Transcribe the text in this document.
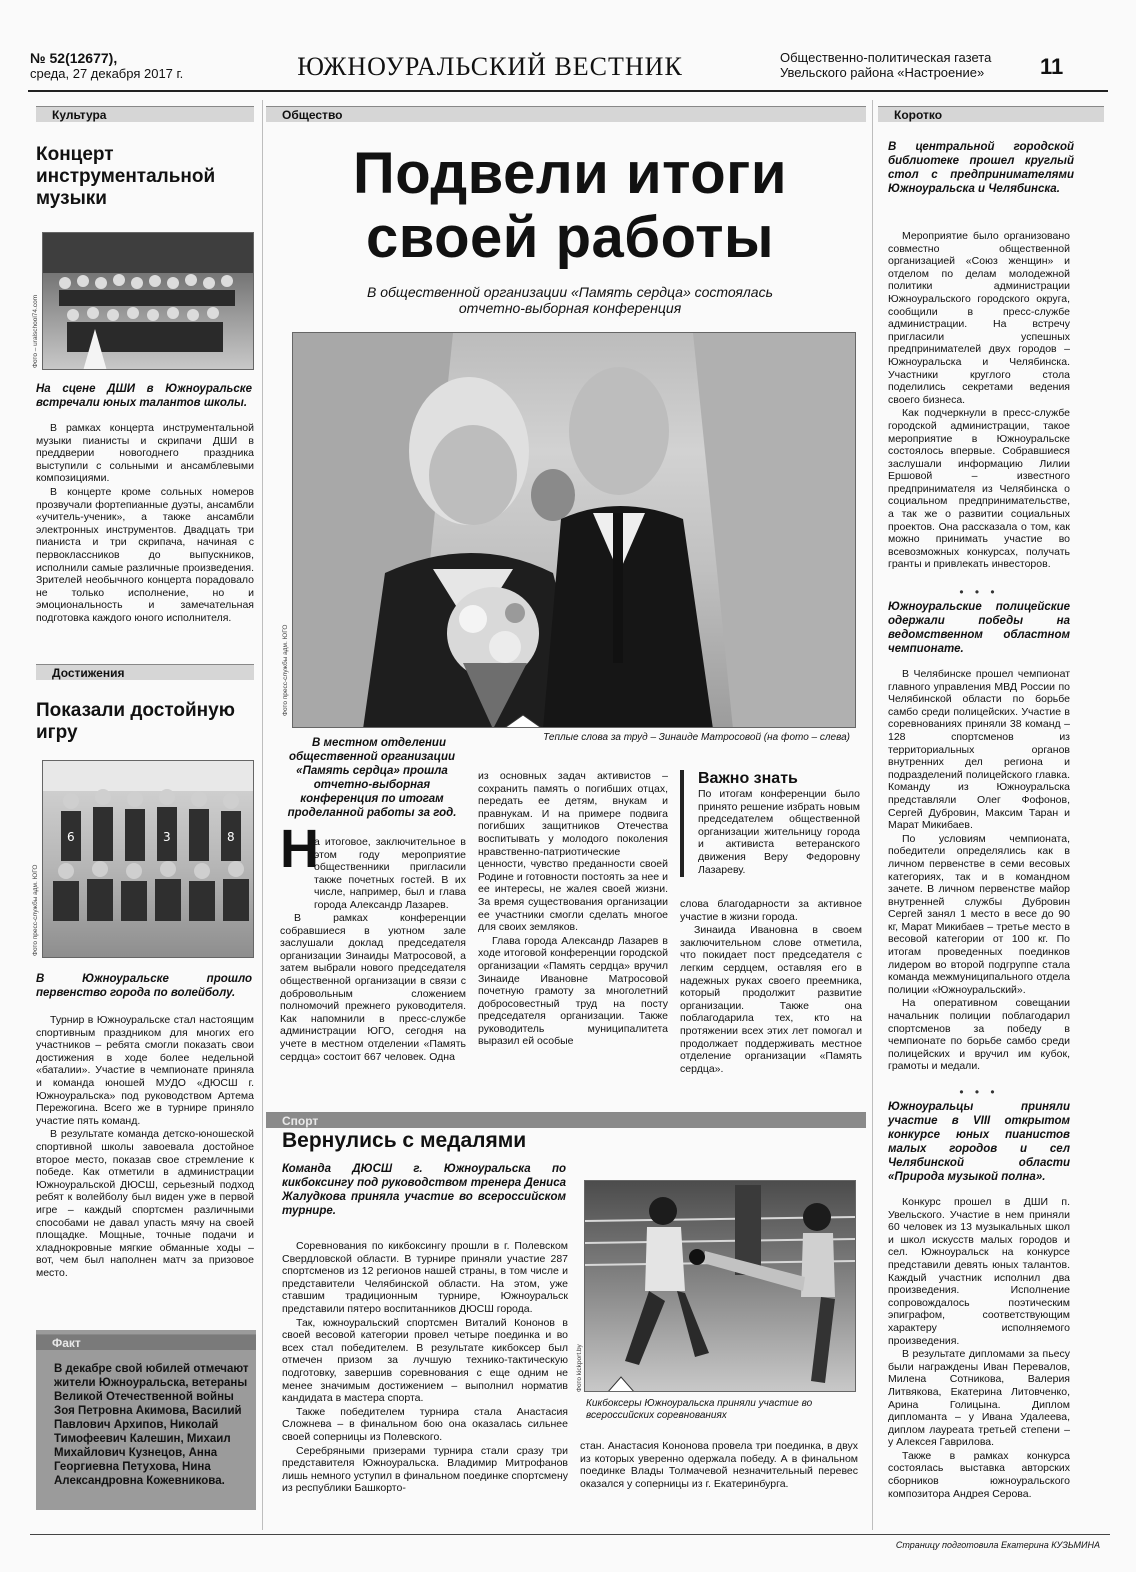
№ 52(12677),
среда, 27 декабря 2017 г.	ЮЖНОУРАЛЬСКИЙ ВЕСТНИК	Общественно-политическая газета
Увельского района «Настроение»	11
Культура
Концерт инструментальной музыки
Фото – uralschool74.com

На сцене ДШИ в Южноуральске встречали юных талантов школы.

В рамках концерта инструментальной музыки пианисты и скрипачи ДШИ в преддверии новогоднего праздника выступили с сольными и ансамблевыми композициями.

В концерте кроме сольных номеров прозвучали фортепианные дуэты, ансамбли «учитель-ученик», а также ансамбли электронных инструментов. Двадцать три пианиста и три скрипача, начиная с первоклассников до выпускников, исполнили самые различные произведения. Зрителей необычного концерта порадовало не только исполнение, но и эмоциональность и замечательная подготовка каждого юного исполнителя.

Достижения
Показали достойную игру
6	3	8
Фото пресс-службы адм. ЮГО

В Южноуральске прошло первенство города по волейболу.

Турнир в Южноуральске стал настоящим спортивным праздником для многих его участников – ребята смогли показать свои достижения в ходе более недельной «баталии». Участие в чемпионате приняла и команда юношей МУДО «ДЮСШ г. Южноуральска» под руководством Артема Пережогина. Всего же в турнире приняло участие пять команд.

В результате команда детско-юношеской спортивной школы завоевала достойное второе место, показав свое стремление к победе. Как отметили в администрации Южноуральской ДЮСШ, серьезный подход ребят к волейболу был виден уже в первой игре – каждый спортсмен различными способами не давал упасть мячу на своей площадке. Мощные, точные подачи и хладнокровные мягкие обманные ходы – вот, чем был наполнен матч за призовое место.

Факт
В декабре свой юбилей отмечают жители Южноуральска, ветераны Великой Отечественной войны Зоя Петровна Акимова, Василий Павлович Архипов, Николай Тимофеевич Калешин, Михаил Михайлович Кузнецов, Анна Георгиевна Петухова, Нина Александровна Кожевникова.
Общество
Подвели итоги своей работы
В общественной организации «Память сердца» состоялась отчетно-выборная конференция
Фото пресс-службы адм. ЮГО
Теплые слова за труд – Зинаиде Матросовой (на фото – слева)

В местном отделении общественной организации «Память сердца» прошла отчетно-выборная конференция по итогам проделанной работы за год.

Н

а итоговое, заключительное в этом году мероприятие общественники пригласили также почетных гостей. В их числе, например, был и глава города Александр Лазарев.

В рамках конференции собравшиеся в уютном зале заслушали доклад председателя организации Зинаиды Матросовой, а затем выбрали нового председателя общественной организации в связи с добровольным сложением полномочий прежнего руководителя. Как напомнили в пресс-службе администрации ЮГО, сегодня на учете в местном отделении «Память сердца» состоит 667 человек. Одна

из основных задач активистов – сохранить память о погибших отцах, передать ее детям, внукам и правнукам. И на примере подвига погибших защитников Отечества воспитывать у молодого поколения нравственно-патриотические ценности, чувство преданности своей Родине и готовности постоять за нее и ее интересы, не жалея своей жизни. За время существования организации ее участники смогли сделать многое для своих земляков.

Глава города Александр Лазарев в ходе итоговой конференции городской организации «Память сердца» вручил Зинаиде Ивановне Матросовой почетную грамоту за многолетний добросовестный труд на посту председателя организации. Также руководитель муниципалитета выразил ей особые

Важно знать

По итогам конференции было принято решение избрать новым председателем общественной организации жительницу города и активиста ветеранского движения Веру Федоровну Лазареву.

слова благодарности за активное участие в жизни города.

Зинаида Ивановна в своем заключительном слове отметила, что покидает пост председателя с легким сердцем, оставляя его в надежных руках своего преемника, который продолжит развитие организации. Также она поблагодарила тех, кто на протяжении всех этих лет помогал и продолжает поддерживать местное отделение организации «Память сердца».

Спорт
Вернулись с медалями

Команда ДЮСШ г. Южноуральска по кикбоксингу под руководством тренера Дениса Жалудкова приняла участие во всероссийском турнире.

Соревнования по кикбоксингу прошли в г. Полевском Свердловской области. В турнире приняли участие 287 спортсменов из 12 регионов нашей страны, в том числе и представители Челябинской области. На этом, уже ставшим традиционным турнире, Южноуральск представили пятеро воспитанников ДЮСШ города.

Так, южноуральский спортсмен Виталий Кононов в своей весовой категории провел четыре поединка и во всех стал победителем. В результате кикбоксер был отмечен призом за лучшую технико-тактическую подготовку, завершив соревнования с еще одним не менее значимым достижением – выполнил норматив кандидата в мастера спорта.

Также победителем турнира стала Анастасия Сложнева – в финальном бою она оказалась сильнее своей соперницы из Полевского.

Серебряными призерами турнира стали сразу три представителя Южноуральска. Владимир Митрофанов лишь немного уступил в финальном поединке спортсмену из республики Башкорто-

Фото kickport.by
Кикбоксеры Южноуральска приняли участие во всероссийских соревнованиях

стан. Анастасия Кононова провела три поединка, в двух из которых уверенно одержала победу. А в финальном поединке Влады Толмачевой незначительный перевес оказался у соперницы из г. Екатеринбурга.

Коротко

В центральной городской библиотеке прошел круглый стол с предпринимателями Южноуральска и Челябинска.

Мероприятие было организовано совместно общественной организацией «Союз женщин» и отделом по делам молодежной политики администрации Южноуральского городского округа, сообщили в пресс-службе администрации. На встречу пригласили успешных предпринимателей двух городов – Южноуральска и Челябинска. Участники круглого стола поделились секретами ведения своего бизнеса.

Как подчеркнули в пресс-службе городской администрации, такое мероприятие в Южноуральске состоялось впервые. Собравшиеся заслушали информацию Лилии Ершовой – известного предпринимателя из Челябинска о социальном предпринимательстве, а так же о развитии социальных проектов. Она рассказала о том, как можно принимать участие во всевозможных конкурсах, получать гранты и привлекать инвесторов.

• • •

Южноуральские полицейские одержали победы на ведомственном областном чемпионате.

В Челябинске прошел чемпионат главного управления МВД России по Челябинской области по борьбе самбо среди полицейских. Участие в соревнованиях приняли 38 команд – 128 спортсменов из территориальных органов внутренних дел региона и подразделений полицейского главка. Команду из Южноуральска представляли Олег Фофонов, Сергей Дубровин, Максим Таран и Марат Микибаев.

По условиям чемпионата, победители определялись как в личном первенстве в семи весовых категориях, так и в командном зачете. В личном первенстве майор внутренней службы Дубровин Сергей занял 1 место в весе до 90 кг, Марат Микибаев – третье место в весовой категории от 100 кг. По итогам проведенных поединков лидером во второй подгруппе стала команда межмуниципального отдела полиции «Южноуральский».

На оперативном совещании начальник полиции поблагодарил спортсменов за победу в чемпионате по борьбе самбо среди полицейских и вручил им кубок, грамоты и медали.

• • •

Южноуральцы приняли участие в VIII открытом конкурсе юных пианистов малых городов и сел Челябинской области «Природа музыкой полна».

Конкурс прошел в ДШИ п. Увельского. Участие в нем приняли 60 человек из 13 музыкальных школ и школ искусств малых городов и сел. Южноуральск на конкурсе представили девять юных талантов. Каждый участник исполнил два произведения. Исполнение сопровождалось поэтическим эпиграфом, соответствующим характеру исполняемого произведения.

В результате дипломами за пьесу были награждены Иван Перевалов, Милена Сотникова, Валерия Литвякова, Екатерина Литовченко, Арина Голицына. Диплом дипломанта – у Ивана Удалеева, диплом лауреата третьей степени – у Алексея Гаврилова.

Также в рамках конкурса состоялась выставка авторских сборников южноуральского композитора Андрея Серова.

Страницу подготовила Екатерина КУЗЬМИНА
